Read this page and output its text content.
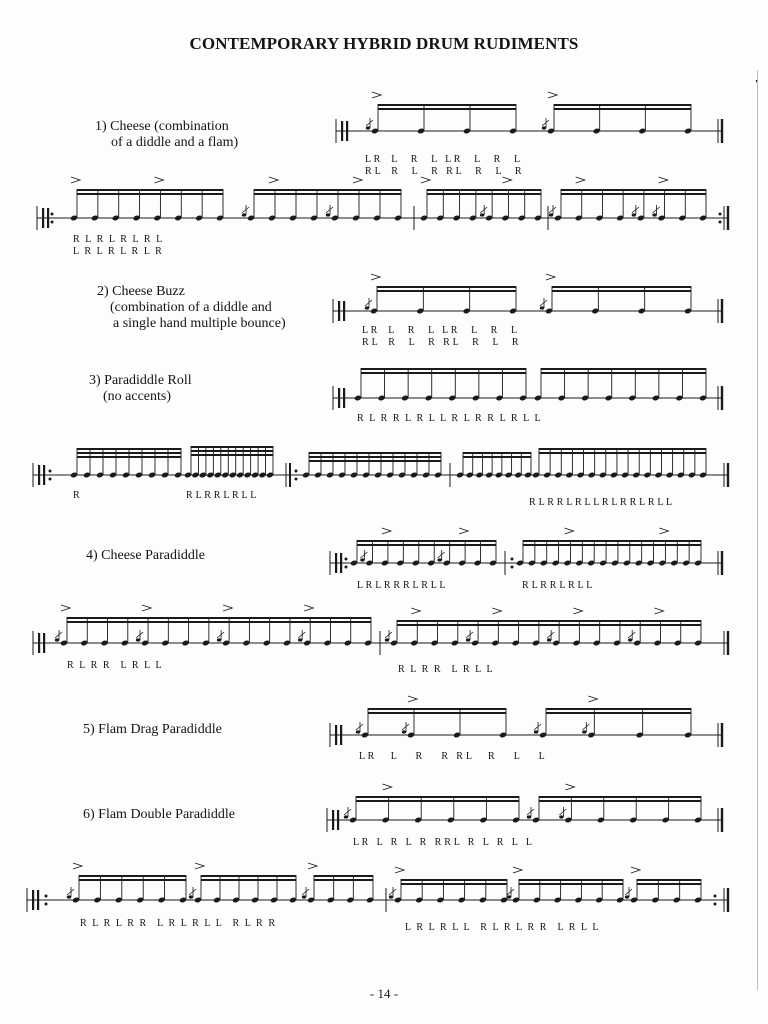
CONTEMPORARY HYBRID DRUM RUDIMENTS
1) Cheese (combination
of a diddle and a flam)
2) Cheese Buzz
(combination of a diddle and
a single hand multiple bounce)
3) Paradiddle Roll
(no accents)
4) Cheese Paradiddle
5) Flam Drag Paradiddle
6) Flam Double Paradiddle
L R    L     R     L   L R     L     R     L
R L    R     L     R   R L     R     L     R
R  L  R  L  R  L  R  L
L  R  L  R  L  R  L  R
L R    L     R     L   L R     L     R     L
R L    R     L     R   R L     R     L     R
R  L  R  R  L  R  L  L  R  L  R  R  L  R  L  L
R	R L R R L R L L
R L R R L R L L R L R R L R L L
L R L R R R L R L L	R L R R L R L L
R  L  R  R    L  R  L  L	R  L  R  R    L  R  L  L
L R      L       R       R   R L      R       L       L
L R   L   R   L   R   R R L   R   L   R   L   L
R  L  R  L  R  R    L  R  L  R  L  L    R  L  R  R	L  R  L  R  L  L    R  L  R  L  R  R    L  R  L  L
'
- 14 -
